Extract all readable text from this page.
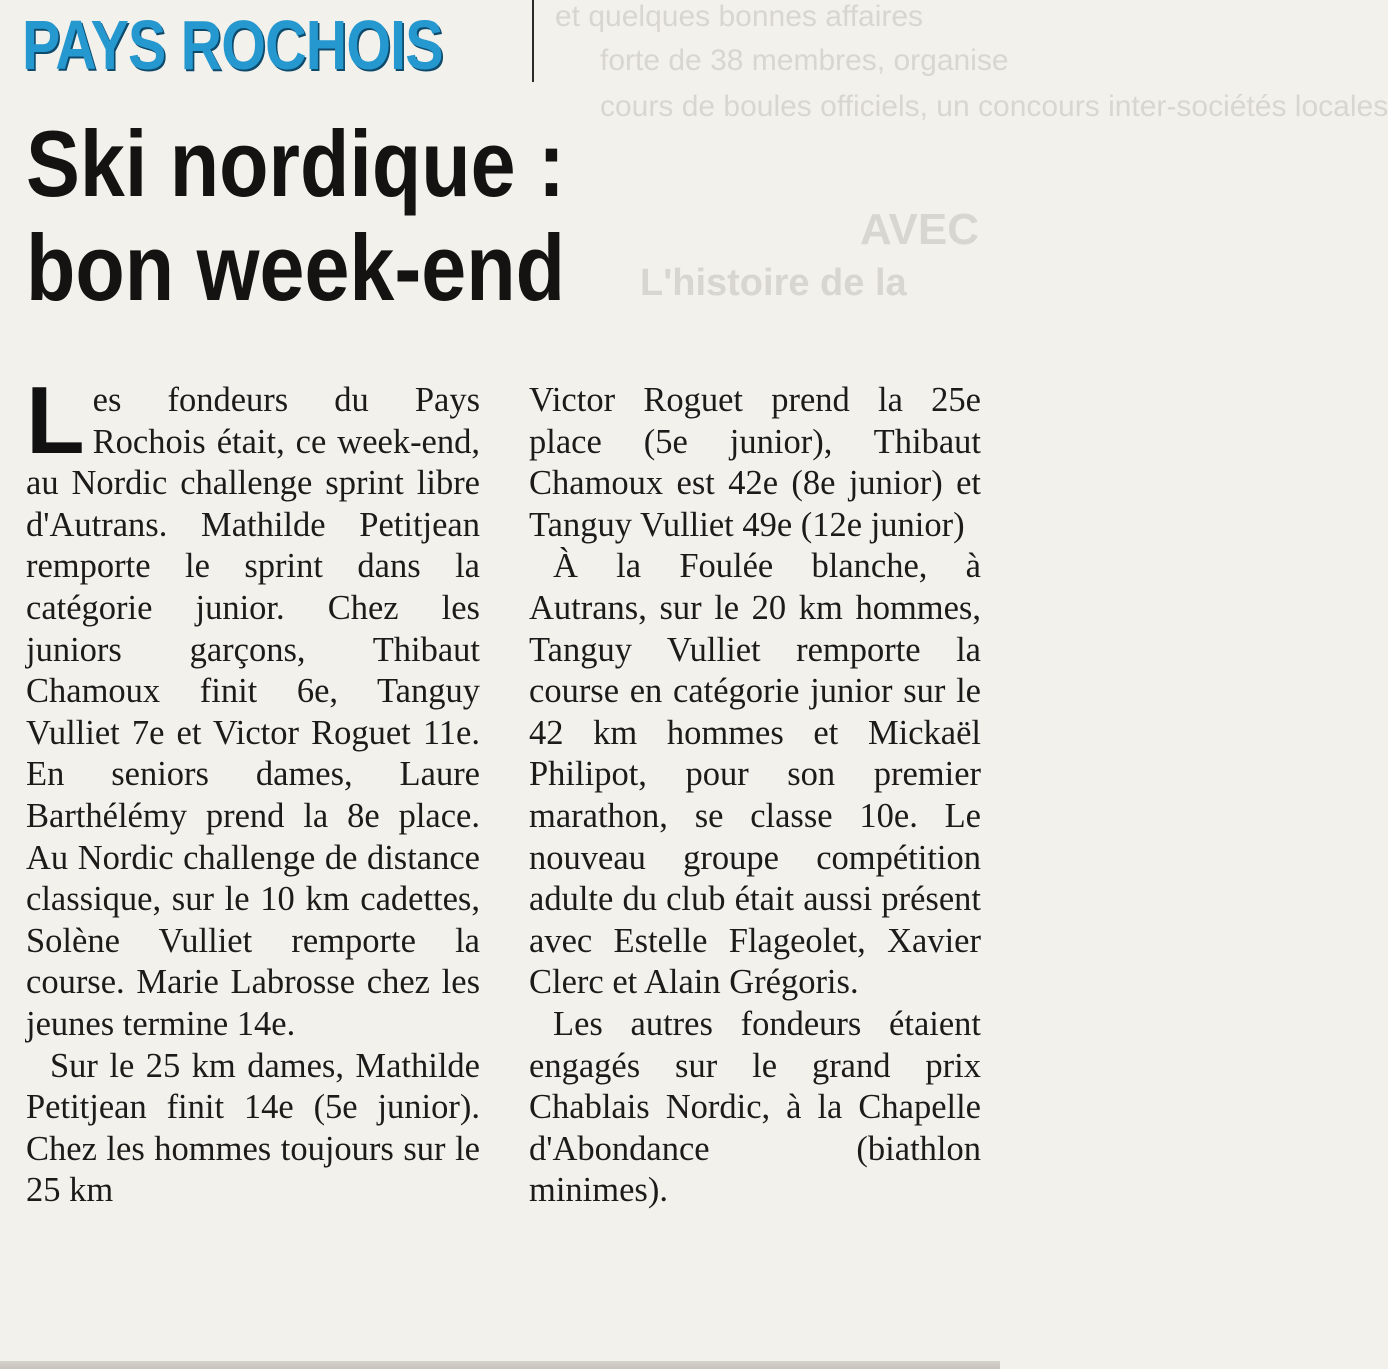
et quelques bonnes affaires
forte de 38 membres, organise
cours de boules officiels, un concours inter-sociétés locales
AVEC
L'histoire de la
PAYS ROCHOIS
Ski nordique :
bon week-end

Les fondeurs du Pays Rochois était, ce week-end, au Nordic challenge sprint libre d'Autrans. Mathilde Petitjean remporte le sprint dans la catégorie junior. Chez les juniors garçons, Thibaut Chamoux finit 6e, Tanguy Vulliet 7e et Victor Roguet 11e. En seniors dames, Laure Barthélémy prend la 8e place. Au Nordic challenge de distance classique, sur le 10 km cadettes, Solène Vulliet remporte la course. Marie Labrosse chez les jeunes termine 14e.

Sur le 25 km dames, Mathilde Petitjean finit 14e (5e junior). Chez les hommes toujours sur le 25 km

Victor Roguet prend la 25e place (5e junior), Thibaut Chamoux est 42e (8e junior) et Tanguy Vulliet 49e (12e junior)

À la Foulée blanche, à Autrans, sur le 20 km hommes, Tanguy Vulliet remporte la course en catégorie junior sur le 42 km hommes et Mickaël Philipot, pour son premier marathon, se classe 10e. Le nouveau groupe compétition adulte du club était aussi présent avec Estelle Flageolet, Xavier Clerc et Alain Grégoris.

Les autres fondeurs étaient engagés sur le grand prix Chablais Nordic, à la Chapelle d'Abondance (biathlon minimes).
